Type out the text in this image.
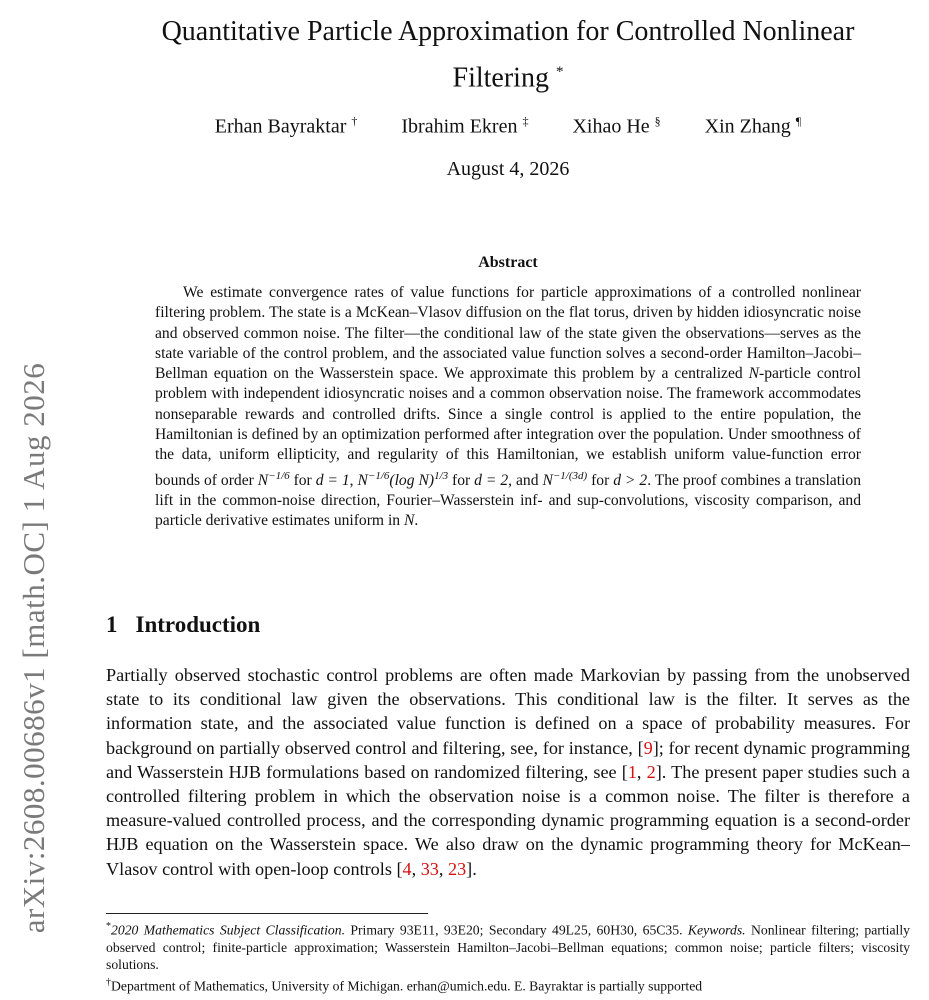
arXiv:2608.00686v1 [math.OC] 1 Aug 2026
Quantitative Particle Approximation for Controlled Nonlinear
Filtering *
Erhan Bayraktar † Ibrahim Ekren ‡ Xihao He § Xin Zhang ¶
August 4, 2026
Abstract

We estimate convergence rates of value functions for particle approximations of a controlled nonlinear filtering problem. The state is a McKean–Vlasov diffusion on the flat torus, driven by hidden idiosyncratic noise and observed common noise. The filter—the conditional law of the state given the observations—serves as the state variable of the control problem, and the associated value function solves a second-order Hamilton–Jacobi–Bellman equation on the Wasserstein space. We approximate this problem by a centralized N-particle control problem with independent idiosyncratic noises and a common observation noise. The framework accommodates nonseparable rewards and controlled drifts. Since a single control is applied to the entire population, the Hamiltonian is defined by an optimization performed after integration over the population. Under smoothness of the data, uniform ellipticity, and regularity of this Hamiltonian, we establish uniform value-function error bounds of order $N^{-1/6}$ for d = 1, $N^{-1/6}(\log$ N)$^{1/3}$ for d = 2, and $N^{-1/(3d)}$ for d > 2. The proof combines a translation lift in the common-noise direction, Fourier–Wasserstein inf- and sup-convolutions, viscosity comparison, and particle derivative estimates uniform in N.

1 Introduction

Partially observed stochastic control problems are often made Markovian by passing from the unobserved state to its conditional law given the observations. This conditional law is the filter. It serves as the information state, and the associated value function is defined on a space of probability measures. For background on partially observed control and filtering, see, for instance, [9]; for recent dynamic programming and Wasserstein HJB formulations based on randomized filtering, see [1, 2]. The present paper studies such a controlled filtering problem in which the observation noise is a common noise. The filter is therefore a measure-valued controlled process, and the corresponding dynamic programming equation is a second-order HJB equation on the Wasserstein space. We also draw on the dynamic programming theory for McKean–Vlasov control with open-loop controls [4, 33, 23].

*2020 Mathematics Subject Classification. Primary 93E11, 93E20; Secondary 49L25, 60H30, 65C35. Keywords. Nonlinear filtering; partially observed control; finite-particle approximation; Wasserstein Hamilton–Jacobi–Bellman equations; common noise; particle filters; viscosity solutions.

†Department of Mathematics, University of Michigan. erhan@umich.edu. E. Bayraktar is partially supported
